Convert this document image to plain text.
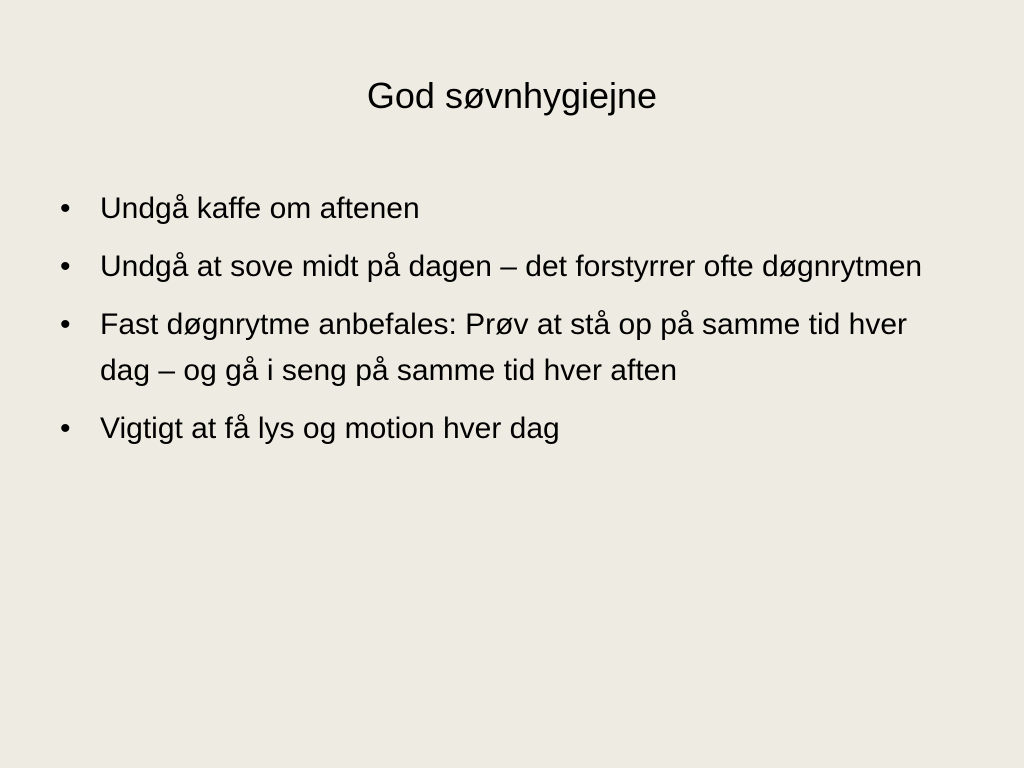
God søvnhygiejne
• Undgå kaffe om aftenen
• Undgå at sove midt på dagen – det forstyrrer ofte døgnrytmen
• Fast døgnrytme anbefales: Prøv at stå op på samme tid hver dag – og gå i seng på samme tid hver aften
• Vigtigt at få lys og motion hver dag
